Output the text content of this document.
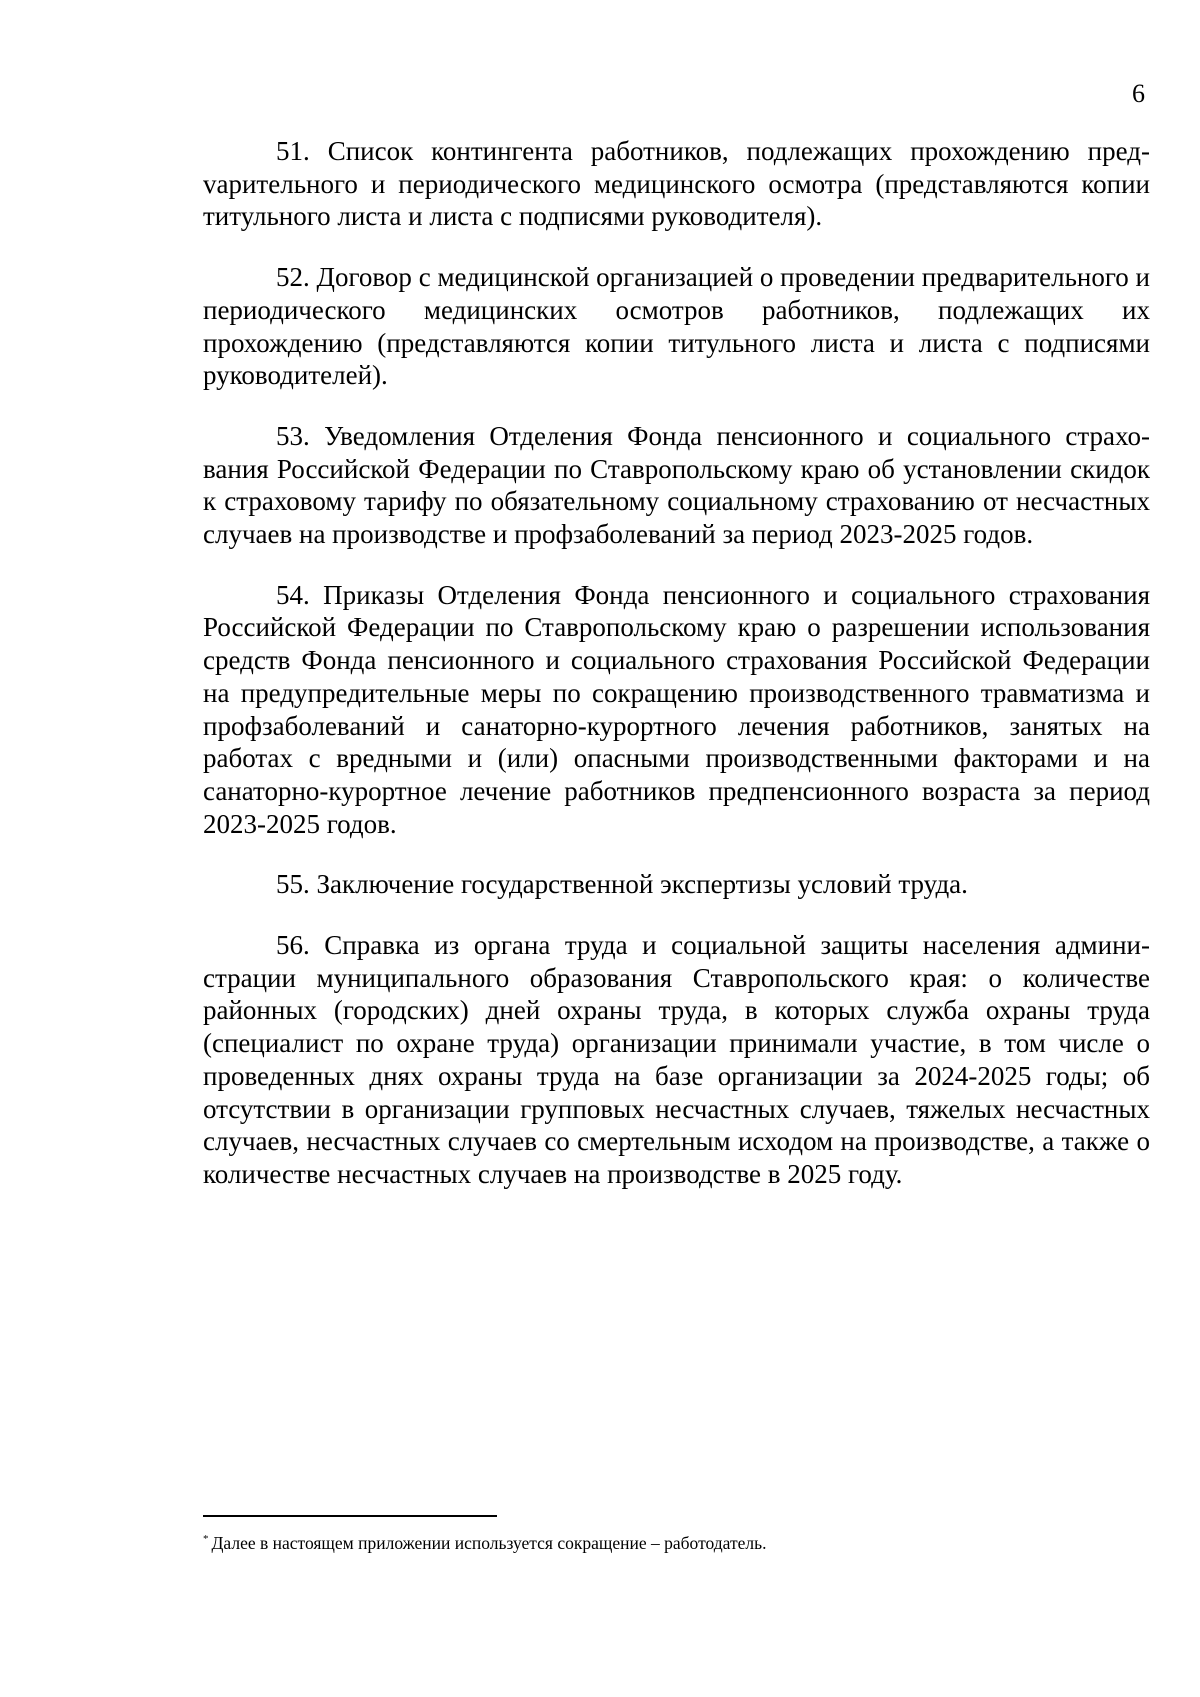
6

51. Список контингента работников, подлежащих прохождению предvарительного и периодического медицинского осмотра (представляются копии титульного листа и листа с подписями руководителя).

52. Договор с медицинской организацией о проведении предварительного и периодического медицинских осмотров работников, подлежащих их прохождению (представляются копии титульного листа и листа с подписями руководителей).

53. Уведомления Отделения Фонда пенсионного и социального страхования Российской Федерации по Ставропольскому краю об установлении скидок к страховому тарифу по обязательному социальному страхованию от несчастных случаев на производстве и профзаболеваний за период 2023-2025 годов.

54. Приказы Отделения Фонда пенсионного и социального страхования Российской Федерации по Ставропольскому краю о разрешении использования средств Фонда пенсионного и социального страхования Российской Федерации на предупредительные меры по сокращению производственного травматизма и профзаболеваний и санаторно-курортного лечения работников, занятых на работах с вредными и (или) опасными производственными факторами и на санаторно-курортное лечение работников предпенсионного возраста за период 2023-2025 годов.

55. Заключение государственной экспертизы условий труда.

56. Справка из органа труда и социальной защиты населения администрации муниципального образования Ставропольского края: о количестве районных (городских) дней охраны труда, в которых служба охраны труда (специалист по охране труда) организации принимали участие, в том числе о проведенных днях охраны труда на базе организации за 2024-2025 годы; об отсутствии в организации групповых несчастных случаев, тяжелых несчастных случаев, несчастных случаев со смертельным исходом на производстве, а также о количестве несчастных случаев на производстве в 2025 году.

* Далее в настоящем приложении используется сокращение – работодатель.
